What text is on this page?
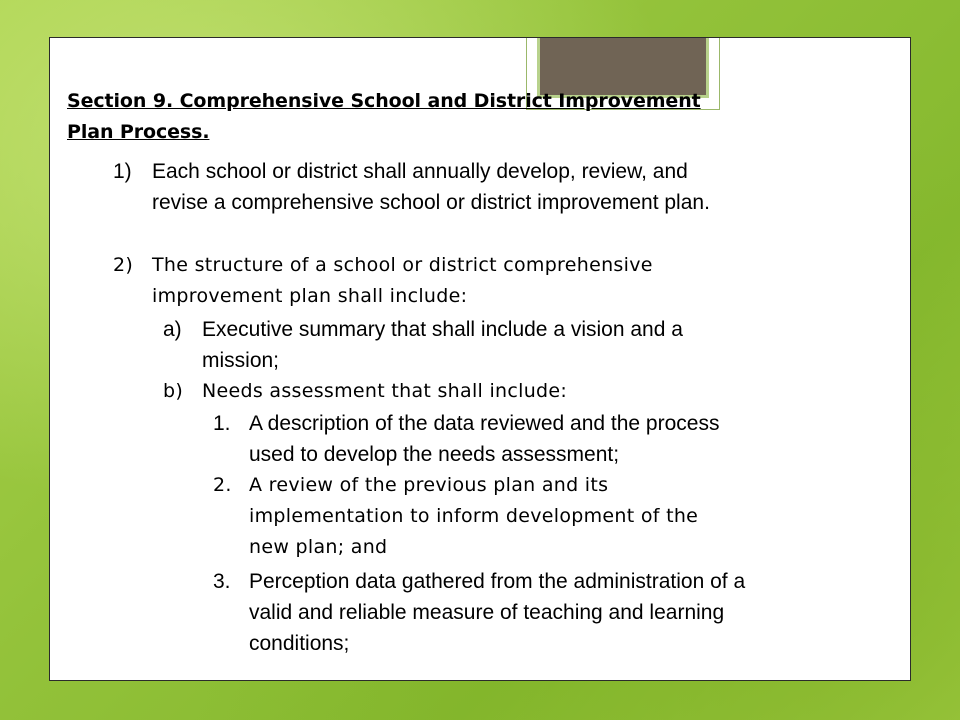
Section 9. Comprehensive School and District Improvement
Plan Process.
1) Each school or district shall annually develop, review, and
revise a comprehensive school or district improvement plan.
2) The structure of a school or district comprehensive
improvement plan shall include:
a) Executive summary that shall include a vision and a
mission;
b) Needs assessment that shall include:
1. A description of the data reviewed and the process
used to develop the needs assessment;
2. A review of the previous plan and its
implementation to inform development of the
new plan; and
3. Perception data gathered from the administration of a
valid and reliable measure of teaching and learning
conditions;
